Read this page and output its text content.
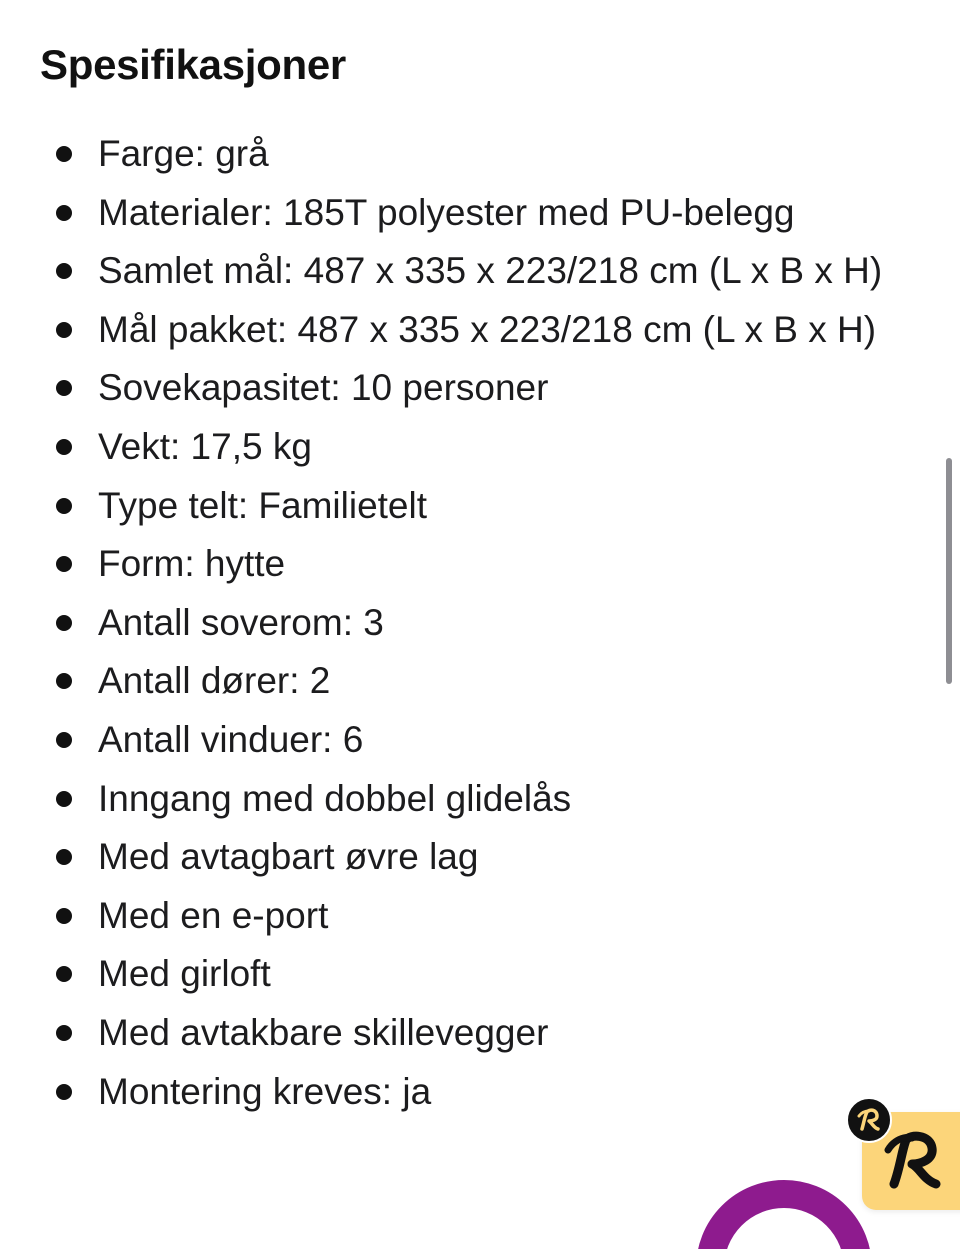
Spesifikasjoner
Farge: grå
Materialer: 185T polyester med PU-belegg
Samlet mål: 487 x 335 x 223/218 cm (L x B x H)
Mål pakket: 487 x 335 x 223/218 cm (L x B x H)
Sovekapasitet: 10 personer
Vekt: 17,5 kg
Type telt: Familietelt
Form: hytte
Antall soverom: 3
Antall dører: 2
Antall vinduer: 6
Inngang med dobbel glidelås
Med avtagbart øvre lag
Med en e-port
Med girloft
Med avtakbare skillevegger
Montering kreves: ja
